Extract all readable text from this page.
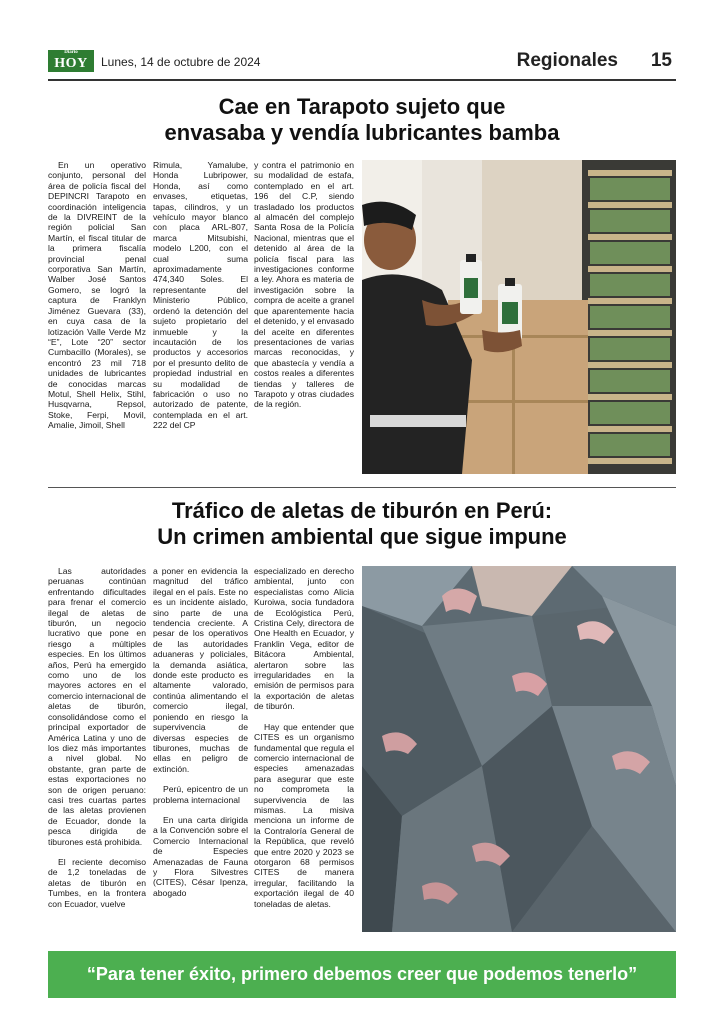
Diario
HOY	Lunes, 14 de octubre de 2024	Regionales 15
Cae en Tarapoto sujeto que
envasaba y vendía lubricantes bamba

En un operativo conjunto, personal del área de policía fiscal del DEPINCRI Tarapoto en coordinación inteligencia de la DIVREINT de la región policial San Martín, el fiscal titular de la primera fiscalía provincial penal corporativa San Martín, Walber José Santos Gomero, se logró la captura de Franklyn Jiménez Guevara (33), en cuya casa de la lotización Valle Verde Mz “E”, Lote “20” sector Cumbacillo (Morales), se encontró 23 mil 718 unidades de lubricantes de conocidas marcas Motul, Shell Helix, Stihl, Husqvarna, Repsol, Stoke, Ferpi, Movil, Amalie, Jimoil, Shell

Rimula, Yamalube, Honda Lubripower, Honda, así como envases, etiquetas, tapas, cilindros, y un vehículo mayor blanco con placa ARL-807, marca Mitsubishi, modelo L200, con el cual suma aproximadamente 474,340 Soles. El representante del Ministerio Público, ordenó la detención del sujeto propietario del inmueble y la incautación de los productos y accesorios por el presunto delito de propiedad industrial en su modalidad de fabricación o uso no autorizado de patente, contemplada en el art. 222 del CP

y contra el patrimonio en su modalidad de estafa, contemplado en el art. 196 del C.P, siendo trasladado los productos al almacén del complejo Santa Rosa de la Policía Nacional, mientras que el detenido al área de la policía fiscal para las investigaciones conforme a ley. Ahora es materia de investigación sobre la compra de aceite a granel que aparentemente hacia el detenido, y el envasado del aceite en diferentes presentaciones de varias marcas reconocidas, y que abastecía y vendía a costos reales a diferentes tiendas y talleres de Tarapoto y otras ciudades de la región.

Tráfico de aletas de tiburón en Perú:
Un crimen ambiental que sigue impune

Las autoridades peruanas continúan enfrentando dificultades para frenar el comercio ilegal de aletas de tiburón, un negocio lucrativo que pone en riesgo a múltiples especies. En los últimos años, Perú ha emergido como uno de los mayores actores en el comercio internacional de aletas de tiburón, consolidándose como el principal exportador de América Latina y uno de los diez más importantes a nivel global. No obstante, gran parte de estas exportaciones no son de origen peruano: casi tres cuartas partes de las aletas provienen de Ecuador, donde la pesca dirigida de tiburones está prohibida.

El reciente decomiso de 1,2 toneladas de aletas de tiburón en Tumbes, en la frontera con Ecuador, vuelve

a poner en evidencia la magnitud del tráfico ilegal en el país. Este no es un incidente aislado, sino parte de una tendencia creciente. A pesar de los operativos de las autoridades aduaneras y policiales, la demanda asiática, donde este producto es altamente valorado, continúa alimentando el comercio ilegal, poniendo en riesgo la supervivencia de diversas especies de tiburones, muchas de ellas en peligro de extinción.

Perú, epicentro de un problema internacional

En una carta dirigida a la Convención sobre el Comercio Internacional de Especies Amenazadas de Fauna y Flora Silvestres (CITES), César Ipenza, abogado

especializado en derecho ambiental, junto con especialistas como Alicia Kuroiwa, socia fundadora de Ecológistica Perú, Cristina Cely, directora de One Health en Ecuador, y Franklin Vega, editor de Bitácora Ambiental, alertaron sobre las irregularidades en la emisión de permisos para la exportación de aletas de tiburón.

Hay que entender que CITES es un organismo fundamental que regula el comercio internacional de especies amenazadas para asegurar que este no comprometa la supervivencia de las mismas. La misiva menciona un informe de la Contraloría General de la República, que reveló que entre 2020 y 2023 se otorgaron 68 permisos CITES de manera irregular, facilitando la exportación ilegal de 40 toneladas de aletas.

“Para tener éxito, primero debemos creer que podemos tenerlo”
